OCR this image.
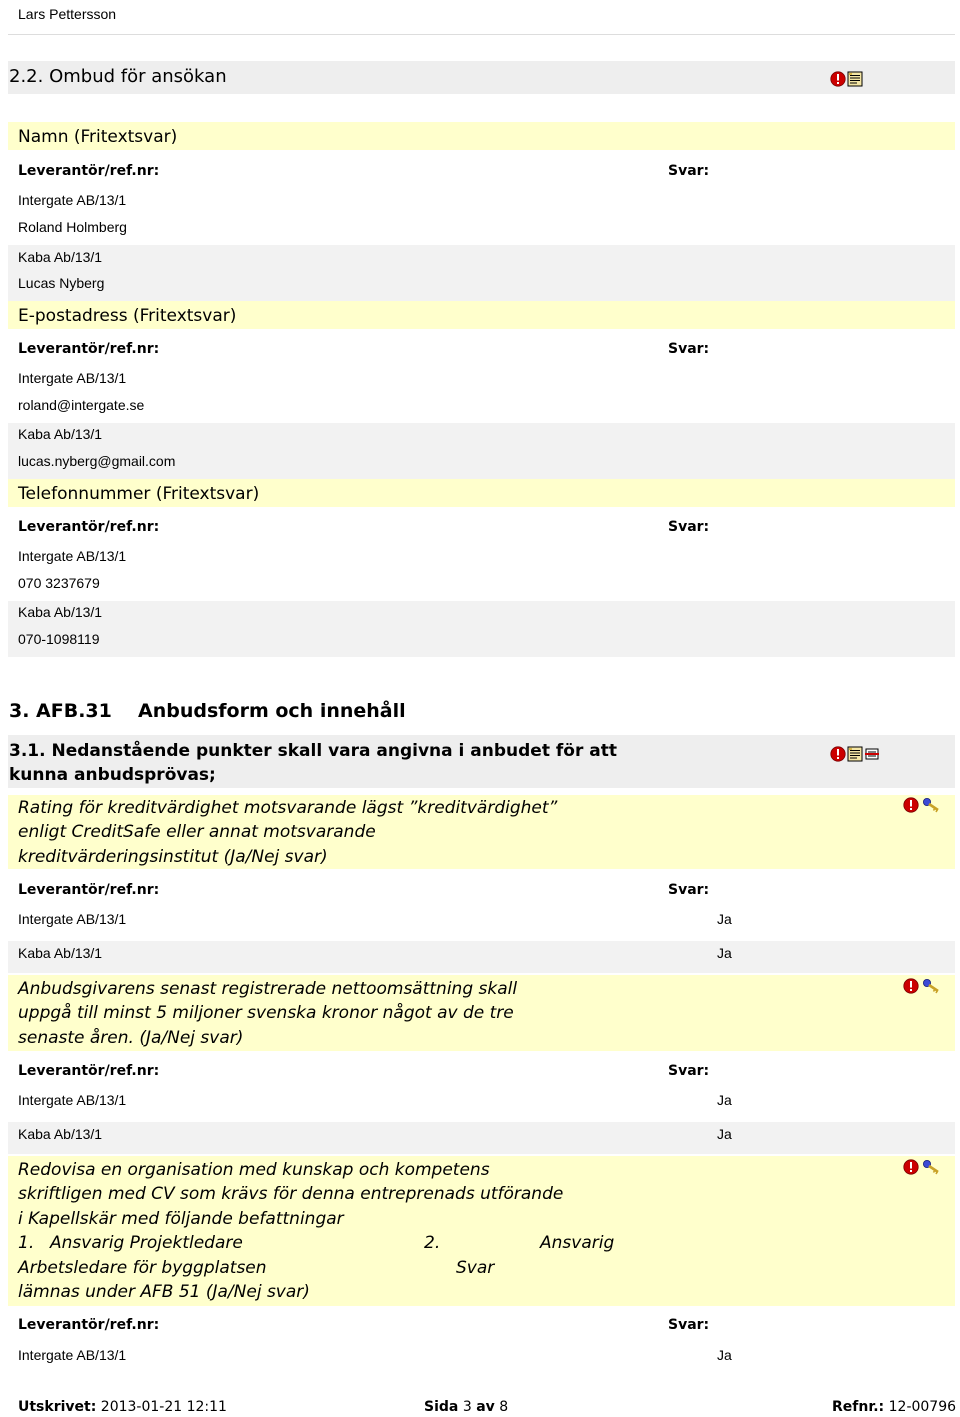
Lars Pettersson
2.2. Ombud för ansökan
Namn (Fritextsvar)
Leverantör/ref.nr:	Svar:
Intergate AB/13/1
Roland Holmberg
Kaba Ab/13/1
Lucas Nyberg
E-postadress (Fritextsvar)
Leverantör/ref.nr:	Svar:
Intergate AB/13/1
roland@intergate.se
Kaba Ab/13/1
lucas.nyberg@gmail.com
Telefonnummer (Fritextsvar)
Leverantör/ref.nr:	Svar:
Intergate AB/13/1
070 3237679
Kaba Ab/13/1
070-1098119
3. AFB.31 Anbudsform och innehåll
3.1. Nedanstående punkter skall vara angivna i anbudet för att
kunna anbudsprövas;
Rating för kreditvärdighet motsvarande lägst ”kreditvärdighet”
enligt CreditSafe eller annat motsvarande
kreditvärderingsinstitut (Ja/Nej svar)
Leverantör/ref.nr:	Svar:
Intergate AB/13/1	Ja
Kaba Ab/13/1	Ja
Anbudsgivarens senast registrerade nettoomsättning skall
uppgå till minst 5 miljoner svenska kronor något av de tre
senaste åren. (Ja/Nej svar)
Leverantör/ref.nr:	Svar:
Intergate AB/13/1	Ja
Kaba Ab/13/1	Ja
Redovisa en organisation med kunskap och kompetens
skriftligen med CV som krävs för denna entreprenads utförande
i Kapellskär med följande befattningar
1. Ansvarig Projektledare	2.	Ansvarig
Arbetsledare för byggplatsen	Svar
lämnas under AFB 51 (Ja/Nej svar)
Leverantör/ref.nr:	Svar:
Intergate AB/13/1	Ja
Utskrivet: 2013-01-21 12:11	Sida 3 av 8	Refnr.: 12-00796
